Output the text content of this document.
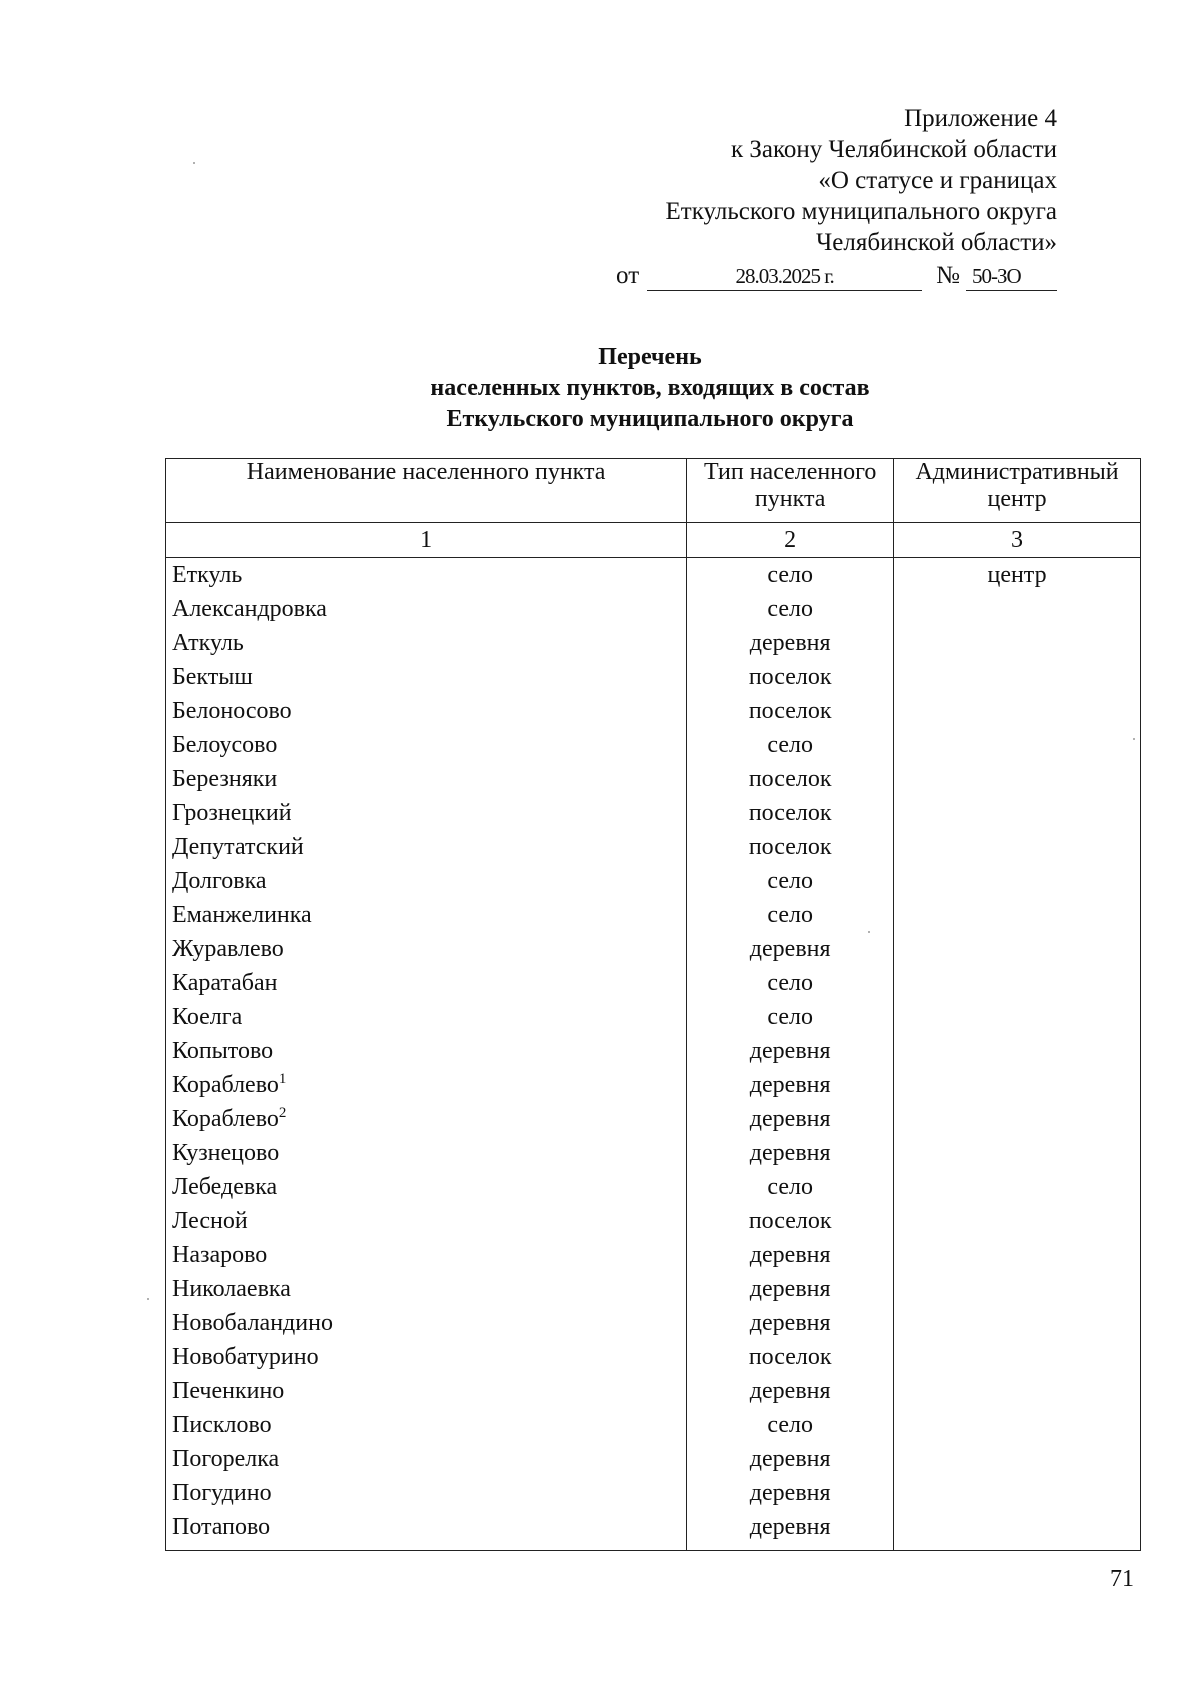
Приложение 4
к Закону Челябинской области
«О статусе и границах
Еткульского муниципального округа
Челябинской области»
от	28.03.2025 г.	№ 50-ЗО
Перечень
населенных пунктов, входящих в состав
Еткульского муниципального округа
Наименование населенного пункта	Тип населенного пункта	Административный центр
1	2	3
Еткуль	село	центр
Александровка	село	
Аткуль	деревня	
Бектыш	поселок	
Белоносово	поселок	
Белоусово	село	
Березняки	поселок	
Грознецкий	поселок	
Депутатский	поселок	
Долговка	село	
Еманжелинка	село	
Журавлево	деревня	
Каратабан	село	
Коелга	село	
Копытово	деревня	
Кораблево$^1$	деревня	
Кораблево$^2$	деревня	
Кузнецово	деревня	
Лебедевка	село	
Лесной	поселок	
Назарово	деревня	
Николаевка	деревня	
Новобаландино	деревня	
Новобатурино	поселок	
Печенкино	деревня	
Писклово	село	
Погорелка	деревня	
Погудино	деревня	
Потапово	деревня	
71
